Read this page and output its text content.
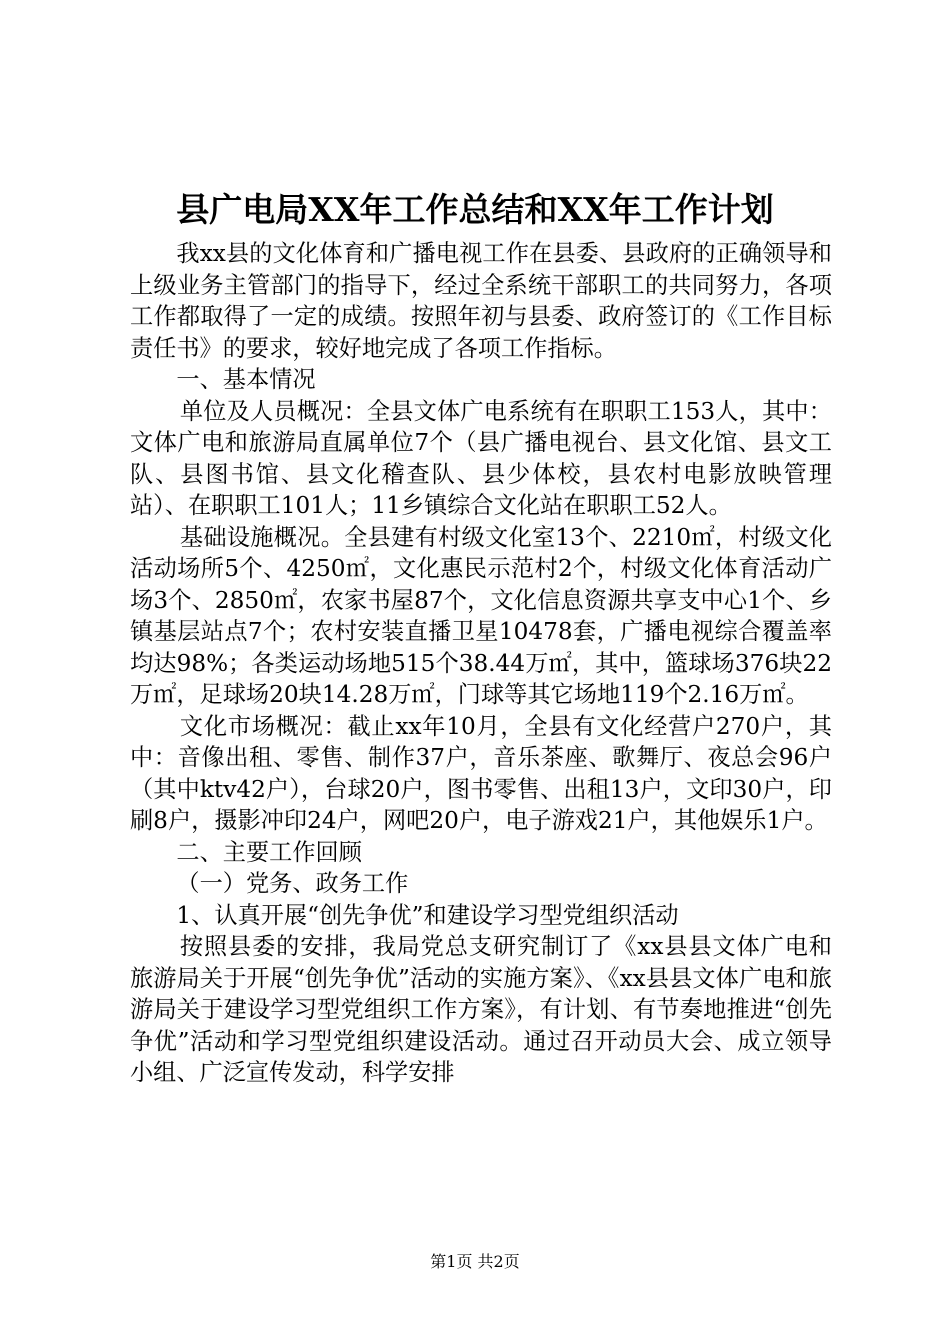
县广电局XX年工作总结和XX年工作计划

我xx县的文化体育和广播电视工作在县委、县政府的正确领导和上级业务主管部门的指导下，经过全系统干部职工的共同努力，各项工作都取得了一定的成绩。按照年初与县委、政府签订的《工作目标责任书》的要求，较好地完成了各项工作指标。

一、基本情况

单位及人员概况：全县文体广电系统有在职职工153人，其中：文体广电和旅游局直属单位7个（县广播电视台、县文化馆、县文工队、县图书馆、县文化稽查队、县少体校，县农村电影放映管理站）、在职职工101人；11乡镇综合文化站在职职工52人。

基础设施概况。全县建有村级文化室13个、2210㎡，村级文化活动场所5个、4250㎡，文化惠民示范村2个，村级文化体育活动广场3个、2850㎡，农家书屋87个，文化信息资源共享支中心1个、乡镇基层站点7个；农村安装直播卫星10478套，广播电视综合覆盖率均达98%；各类运动场地515个38.44万㎡，其中，篮球场376块22万㎡，足球场20块14.28万㎡，门球等其它场地119个2.16万㎡。

文化市场概况：截止xx年10月，全县有文化经营户270户，其中：音像出租、零售、制作37户，音乐茶座、歌舞厅、夜总会96户（其中ktv42户），台球20户，图书零售、出租13户，文印30户，印刷8户，摄影冲印24户，网吧20户，电子游戏21户，其他娱乐1户。

二、主要工作回顾

（一）党务、政务工作

1、认真开展“创先争优”和建设学习型党组织活动

按照县委的安排，我局党总支研究制订了《xx县县文体广电和旅游局关于开展“创先争优”活动的实施方案》、《xx县县文体广电和旅游局关于建设学习型党组织工作方案》，有计划、有节奏地推进“创先争优”活动和学习型党组织建设活动。通过召开动员大会、成立领导小组、广泛宣传发动，科学安排

第1页 共2页
